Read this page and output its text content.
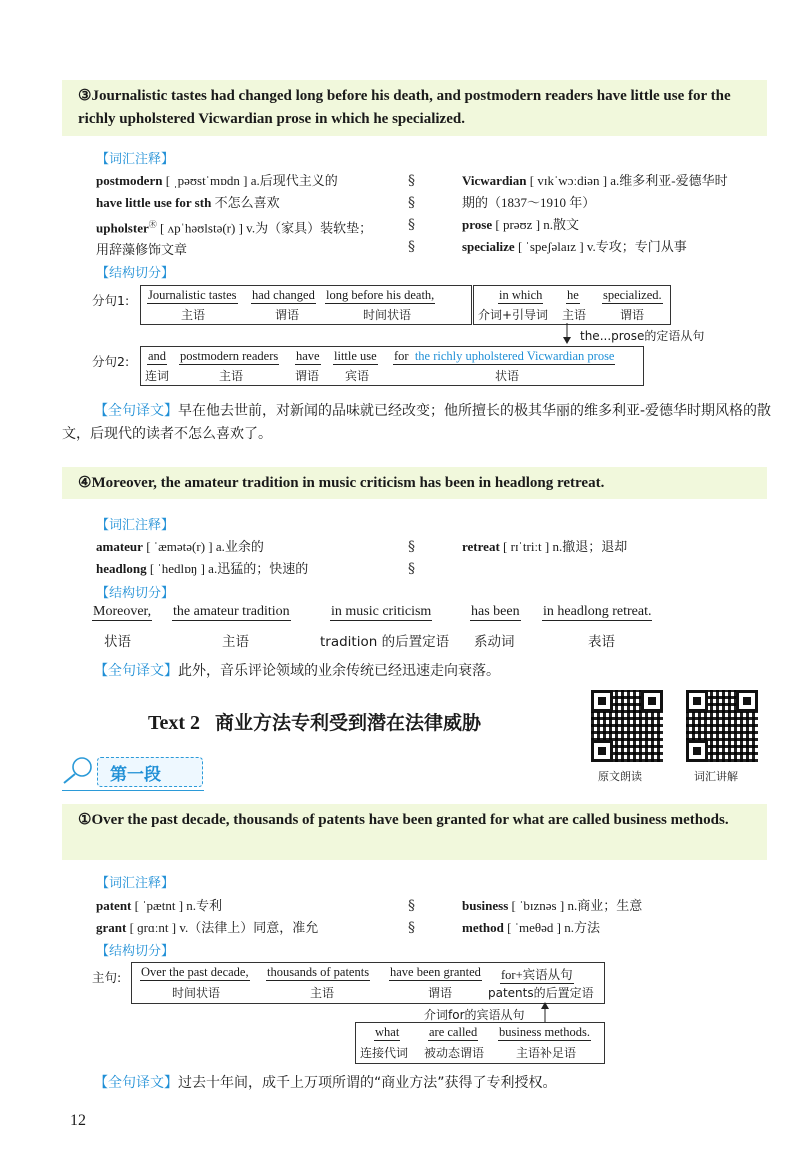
③Journalistic tastes had changed long before his death, and postmodern readers have little use for the richly upholstered Vicwardian prose in which he specialized.
【词汇注释】
postmodern [ ˌpəʊstˈmɒdn ] a.后现代主义的
have little use for sth 不怎么喜欢
upholster㊍ [ ʌpˈhəʊlstə(r) ] v.为（家具）装软垫；
用辞藻修饰文章
§
§
§
§
Vicwardian [ vɪkˈwɔːdiən ] a.维多利亚-爱德华时
期的（1837～1910 年）
prose [ prəʊz ] n.散文
specialize [ ˈspeʃəlaɪz ] v.专攻；专门从事
【结构切分】
分句1: Journalistic tastes
主语
had changed
谓语
long before his death,
时间状语
in which
介词+引导词
he
主语
specialized.
谓语
the...prose的定语从句
分句2: and
连词
postmodern readers
主语
have
谓语
little use
宾语
for the richly upholstered Vicwardian prose
状语
【全句译文】早在他去世前，对新闻的品味就已经改变；他所擅长的极其华丽的维多利亚-爱德华时期风格的散文，后现代的读者不怎么喜欢了。
④Moreover, the amateur tradition in music criticism has been in headlong retreat.
【词汇注释】
amateur [ ˈæmətə(r) ] a.业余的
headlong [ ˈhedlɒŋ ] a.迅猛的；快速的
§
§
retreat [ rɪˈtriːt ] n.撤退；退却
【结构切分】
Moreover,
状语
the amateur tradition
主语
in music criticism
tradition 的后置定语
has been
系动词
in headlong retreat.
表语
【全句译文】此外，音乐评论领域的业余传统已经迅速走向衰落。
Text 2 商业方法专利受到潜在法律威胁
原文朗读	词汇讲解
第一段
①Over the past decade, thousands of patents have been granted for what are called business methods.
【词汇注释】
patent [ ˈpætnt ] n.专利
grant [ ɡrɑːnt ] v.（法律上）同意，准允
§
§
business [ ˈbɪznəs ] n.商业；生意
method [ ˈmeθəd ] n.方法
【结构切分】
主句: Over the past decade,
时间状语
thousands of patents
主语
have been granted
谓语
for+宾语从句
patents的后置定语
介词for的宾语从句
what
连接代词
are called
被动态谓语
business methods.
主语补足语
【全句译文】过去十年间，成千上万项所谓的“商业方法”获得了专利授权。
12
